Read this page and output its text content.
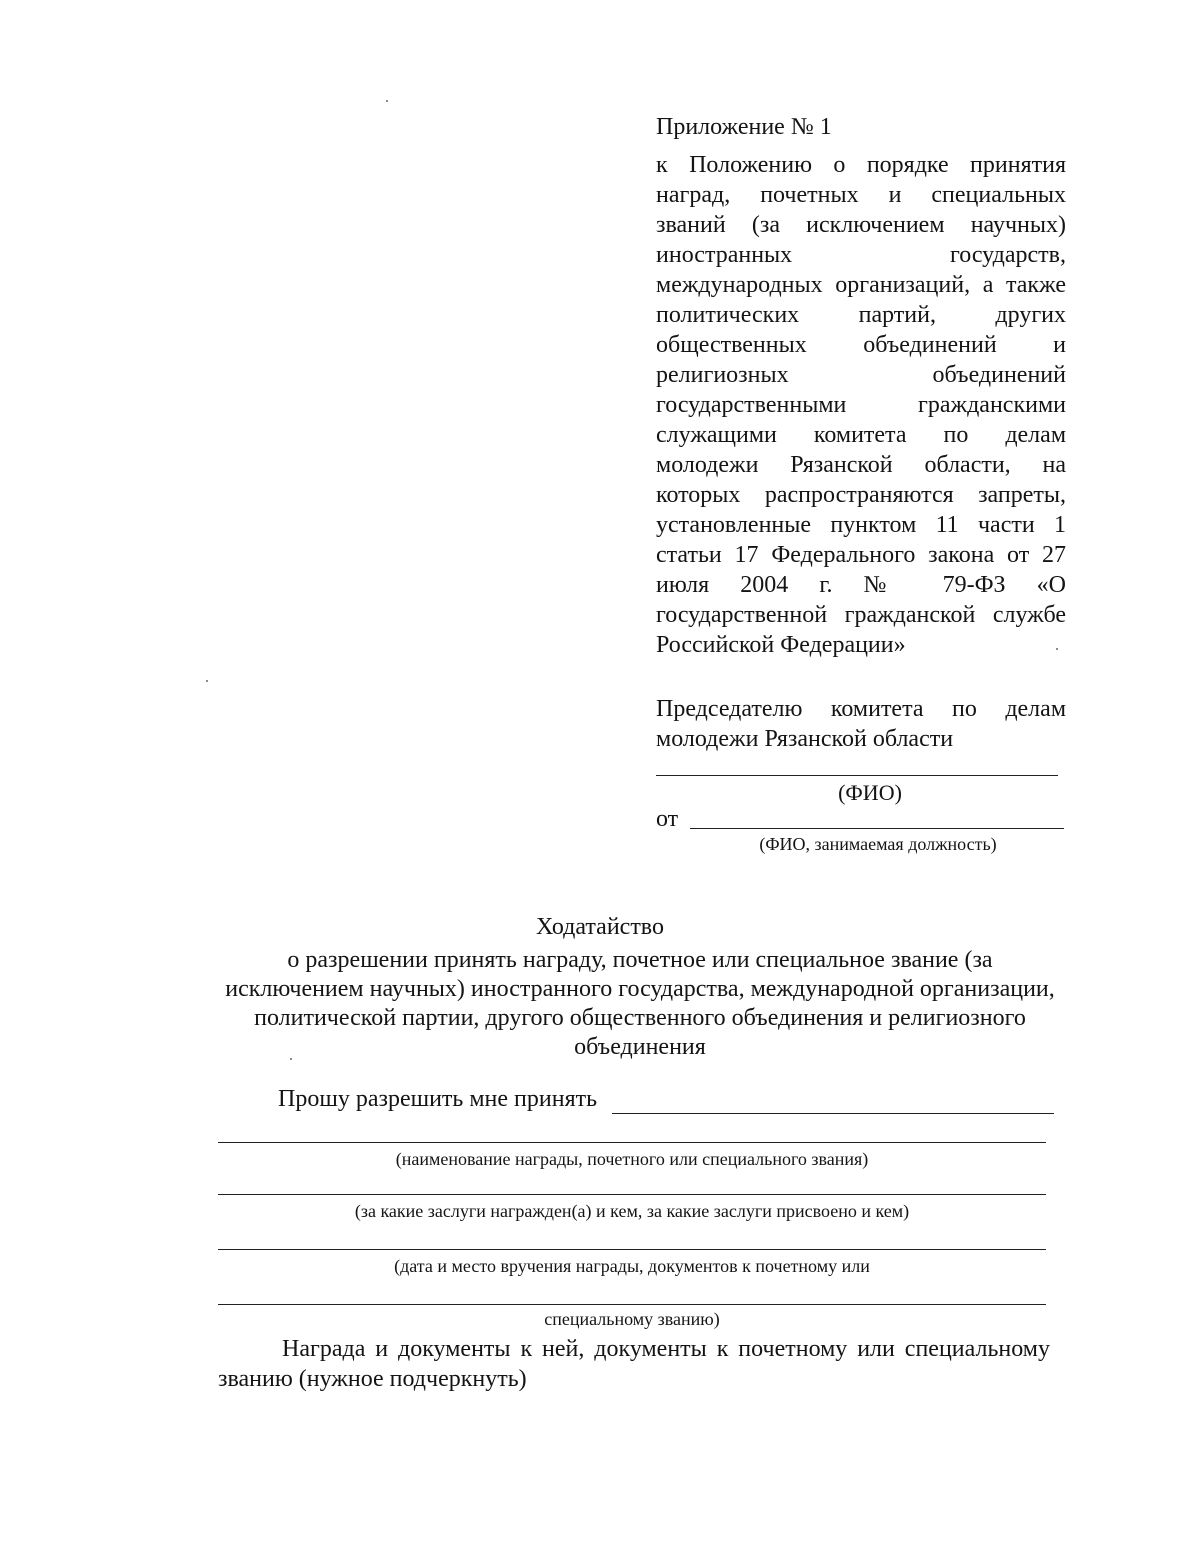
Приложение № 1
к Положению о порядке принятия наград, почетных и специальных званий (за исключением научных) иностранных государств, международных организаций, а также политических партий, других общественных объединений и религиозных объединений государственными гражданскими служащими комитета по делам молодежи Рязанской области, на которых распространяются запреты, установленные пунктом 11 части 1 статьи 17 Федерального закона от 27 июля 2004 г. № 79-ФЗ «О государственной гражданской службе Российской Федерации»
Председателю комитета по делам молодежи Рязанской области
(ФИО)
от
(ФИО, занимаемая должность)
Ходатайство
о разрешении принять награду, почетное или специальное звание (за исключением научных) иностранного государства, международной организации, политической партии, другого общественного объединения и религиозного объединения
Прошу разрешить мне принять
(наименование награды, почетного или специального звания)
(за какие заслуги награжден(а) и кем, за какие заслуги присвоено и кем)
(дата и место вручения награды, документов к почетному или
специальному званию)
Награда и документы к ней, документы к почетному или специальному званию (нужное подчеркнуть)
